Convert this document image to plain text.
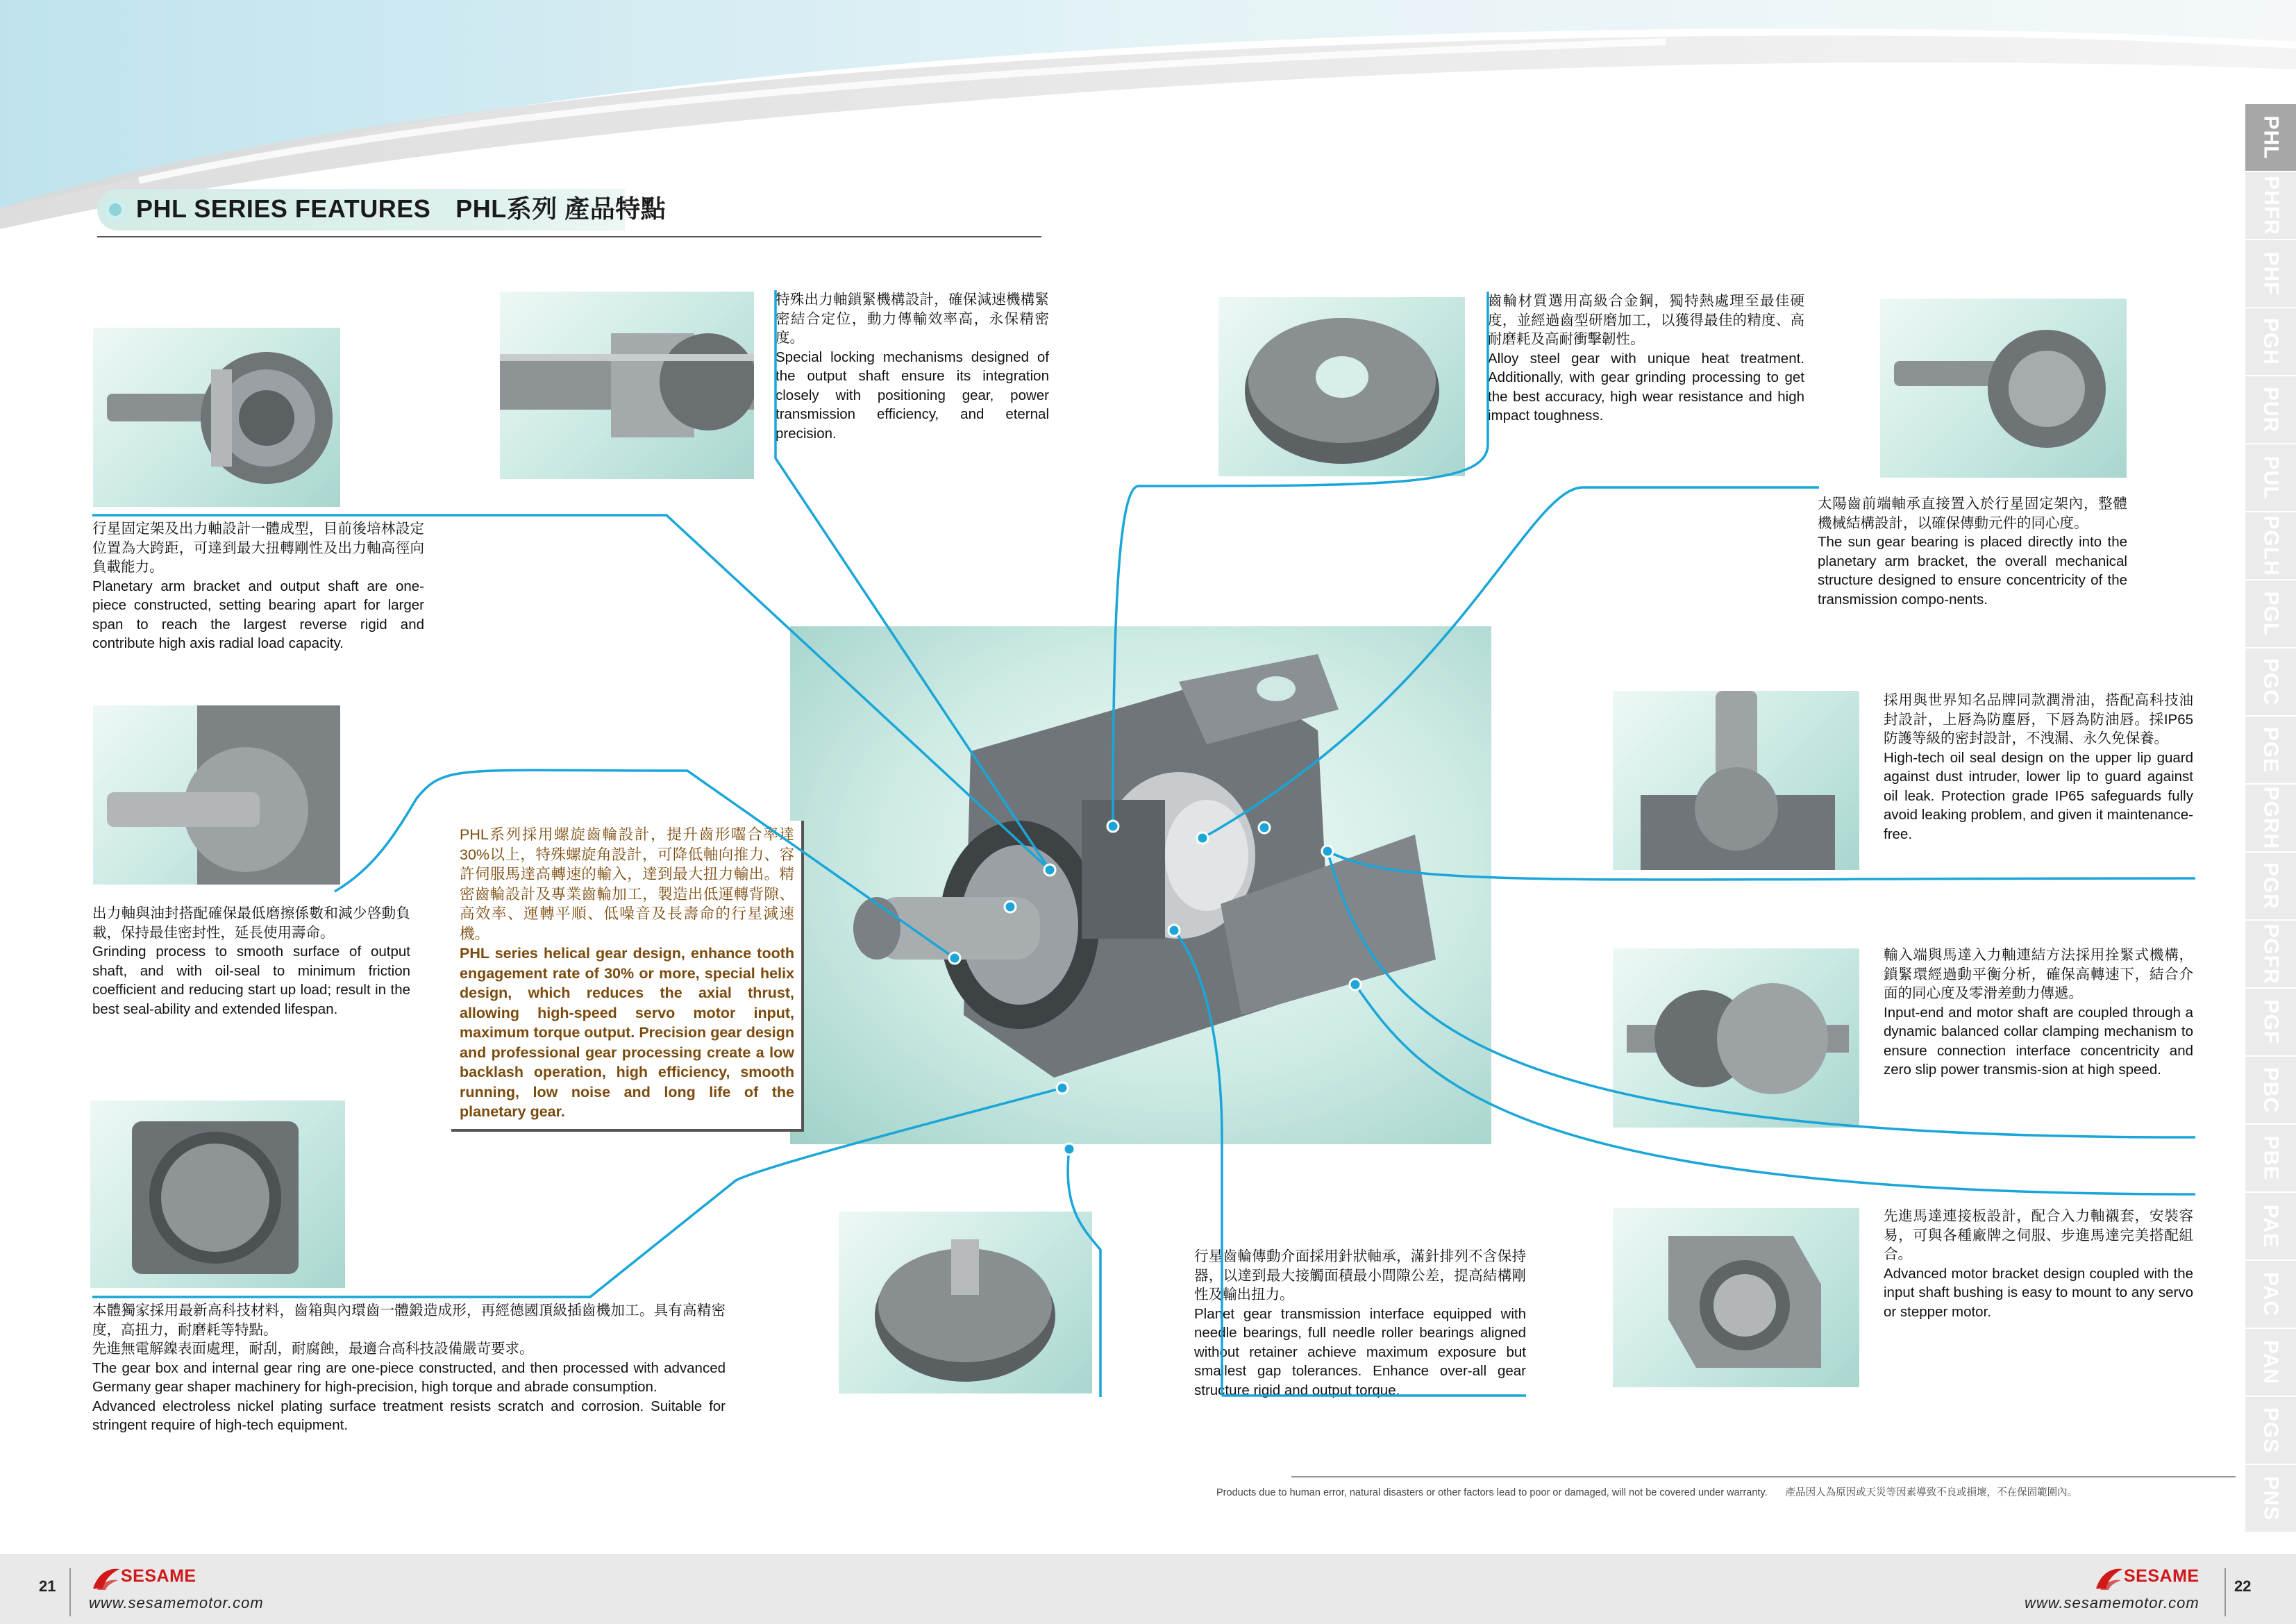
PHL SERIES FEATURES PHL系列 產品特點
PHL系列採用螺旋齒輪設計，提升齒形囓合率達30%以上，特殊螺旋角設計，可降低軸向推力、容許伺服馬達高轉速的輸入，達到最大扭力輸出。精密齒輪設計及專業齒輪加工，製造出低運轉背隙、高效率、運轉平順、低噪音及長壽命的行星減速機。
PHL series helical gear design, enhance tooth engagement rate of 30% or more, special helix design, which reduces the axial thrust, allowing high-speed servo motor input, maximum torque output. Precision gear design and professional gear processing create a low backlash operation, high efficiency, smooth running, low noise and long life of the planetary gear.
行星固定架及出力軸設計一體成型，目前後培林設定位置為大跨距，可達到最大扭轉剛性及出力軸高徑向負載能力。
Planetary arm bracket and output shaft are one-piece constructed, setting bearing apart for larger span to reach the largest reverse rigid and contribute high axis radial load capacity.
出力軸與油封搭配確保最低磨擦係數和減少啓動負載，保持最佳密封性，延長使用壽命。
Grinding process to smooth surface of output shaft, and with oil-seal to minimum friction coefficient and reducing start up load; result in the best seal-ability and extended lifespan.
本體獨家採用最新高科技材料，齒箱與內環齒一體鍛造成形，再經德國頂級插齒機加工。具有高精密度，高扭力，耐磨耗等特點。
先進無電解鎳表面處理，耐刮，耐腐蝕，最適合高科技設備嚴苛要求。
The gear box and internal gear ring are one-piece constructed, and then processed with advanced Germany gear shaper machinery for high-precision, high torque and abrade consumption.
Advanced electroless nickel plating surface treatment resists scratch and corrosion. Suitable for stringent require of high-tech equipment.
特殊出力軸鎖緊機構設計，確保減速機構緊密結合定位，動力傳輸效率高，永保精密度。
Special locking mechanisms designed of the output shaft ensure its integration closely with positioning gear, power transmission efficiency, and eternal precision.
齒輪材質選用高級合金鋼，獨特熱處理至最佳硬度，並經過齒型研磨加工，以獲得最佳的精度、高耐磨耗及高耐衝擊韌性。
Alloy steel gear with unique heat treatment. Additionally, with gear grinding processing to get the best accuracy, high wear resistance and high impact toughness.
太陽齒前端軸承直接置入於行星固定架內，整體機械結構設計，以確保傳動元件的同心度。
The sun gear bearing is placed directly into the planetary arm bracket, the overall mechanical structure designed to ensure concentricity of the transmission compo-nents.
採用與世界知名品牌同款潤滑油，搭配高科技油封設計，上唇為防塵唇，下唇為防油唇。採IP65防護等級的密封設計，不洩漏、永久免保養。
High-tech oil seal design on the upper lip guard against dust intruder, lower lip to guard against oil leak. Protection grade IP65 safeguards fully avoid leaking problem, and given it maintenance-free.
輸入端與馬達入力軸連結方法採用拴緊式機構，鎖緊環經過動平衡分析，確保高轉速下，結合介面的同心度及零滑差動力傳遞。
Input-end and motor shaft are coupled through a dynamic balanced collar clamping mechanism to ensure connection interface concentricity and zero slip power transmis-sion at high speed.
先進馬達連接板設計，配合入力軸襯套，安裝容易，可與各種廠牌之伺服、步進馬達完美搭配組合。
Advanced motor bracket design coupled with the input shaft bushing is easy to mount to any servo or stepper motor.
行星齒輪傳動介面採用針狀軸承，滿針排列不含保持器，以達到最大接觸面積最小間隙公差，提高結構剛性及輸出扭力。
Planet gear transmission interface equipped with needle bearings, full needle roller bearings aligned without retainer achieve maximum exposure but smallest gap tolerances. Enhance over-all gear structure rigid and output torque.
PHL
PHFR
PHF
PGH
PUR
PUL
PGLH
PGL
PGC
PGE
PGRH
PGR
PGFR
PGF
PBC
PBE
PAE
PAC
PAN
PGS
PNS
Products due to human error, natural disasters or other factors lead to poor or damaged, will not be covered under warranty. 產品因人為原因或天災等因素導致不良或損壞，不在保固範圍內。
21	22
SESAME
www.sesamemotor.com
SESAME
www.sesamemotor.com
